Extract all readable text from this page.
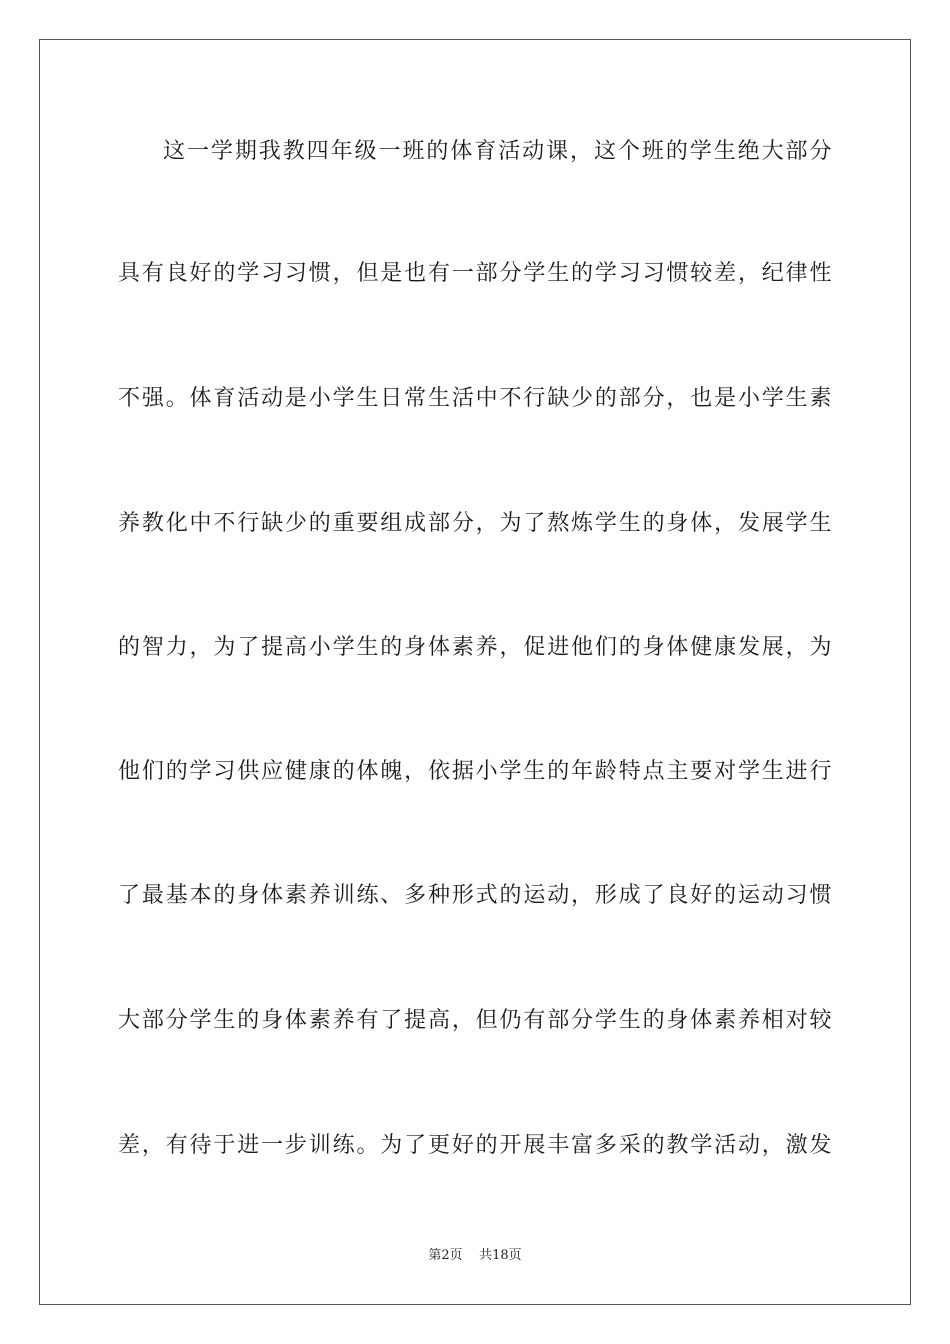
这一学期我教四年级一班的体育活动课，这个班的学生绝大部分
具有良好的学习习惯，但是也有一部分学生的学习习惯较差，纪律性
不强。体育活动是小学生日常生活中不行缺少的部分，也是小学生素
养教化中不行缺少的重要组成部分，为了熬炼学生的身体，发展学生
的智力，为了提高小学生的身体素养，促进他们的身体健康发展，为
他们的学习供应健康的体魄，依据小学生的年龄特点主要对学生进行
了最基本的身体素养训练、多种形式的运动，形成了良好的运动习惯
大部分学生的身体素养有了提高，但仍有部分学生的身体素养相对较
差，有待于进一步训练。为了更好的开展丰富多采的教学活动，激发
第2页 共18页
